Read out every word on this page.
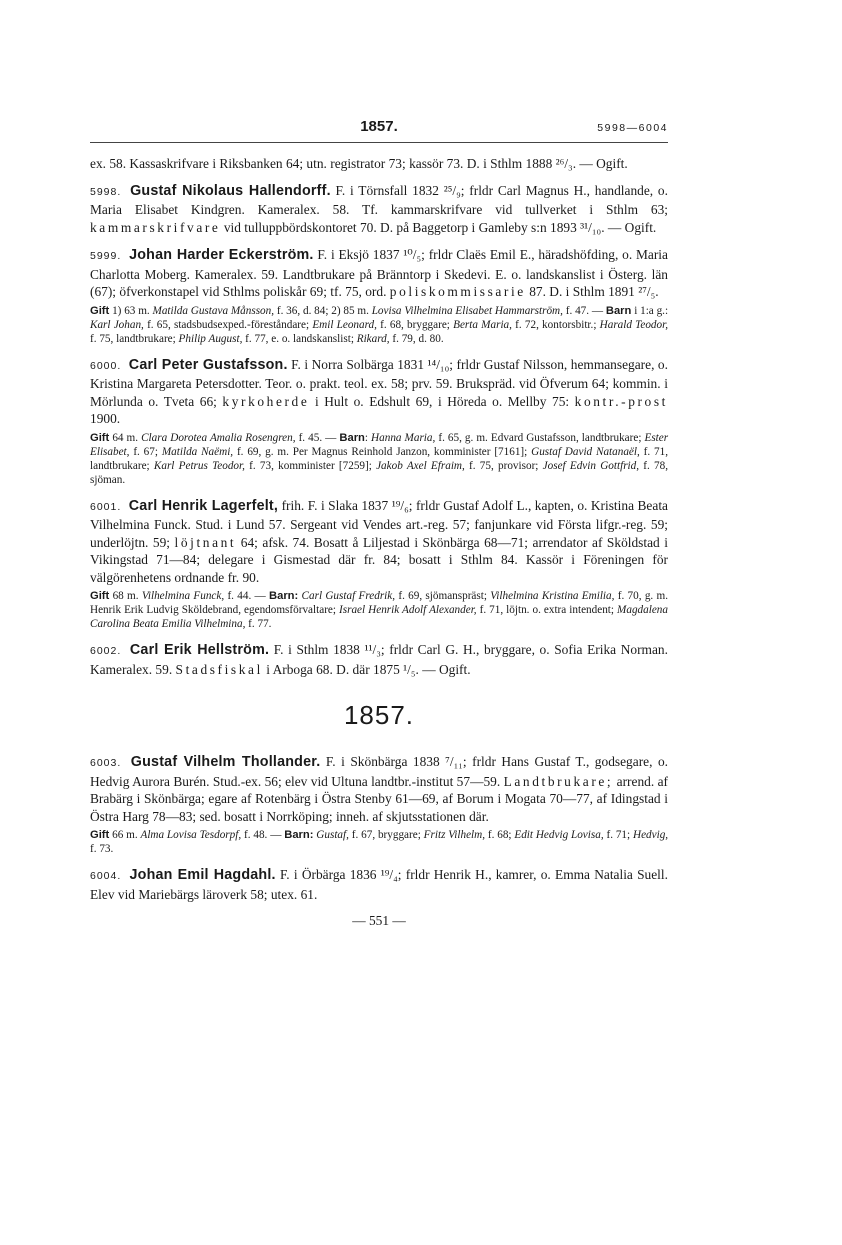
1857.	5998—6004

ex. 58. Kassaskrifvare i Riksbanken 64; utn. registrator 73; kassör 73. D. i Sthlm 1888 ²⁶/₃. — Ogift.

5998. Gustaf Nikolaus Hallendorff. F. i Törnsfall 1832 ²⁵/₉; frldr Carl Magnus H., handlande, o. Maria Elisabet Kindgren. Kameralex. 58. Tf. kammarskrifvare vid tullverket i Sthlm 63; kammarskrifvare vid tulluppbördskontoret 70. D. på Baggetorp i Gamleby s:n 1893 ³¹/₁₀. — Ogift.

5999. Johan Harder Eckerström. F. i Eksjö 1837 ¹⁰/₅; frldr Claës Emil E., häradshöfding, o. Maria Charlotta Moberg. Kameralex. 59. Landtbrukare på Bränntorp i Skedevi. E. o. landskanslist i Österg. län (67); öfverkonstapel vid Sthlms poliskår 69; tf. 75, ord. poliskommissarie 87. D. i Sthlm 1891 ²⁷/₅.

Gift 1) 63 m. Matilda Gustava Månsson, f. 36, d. 84; 2) 85 m. Lovisa Vilhelmina Elisabet Hammarström, f. 47. — Barn i 1:a g.: Karl Johan, f. 65, stadsbudsexped.-föreståndare; Emil Leonard, f. 68, bryggare; Berta Maria, f. 72, kontorsbitr.; Harald Teodor, f. 75, landtbrukare; Philip August, f. 77, e. o. landskanslist; Rikard, f. 79, d. 80.

6000. Carl Peter Gustafsson. F. i Norra Solbärga 1831 ¹⁴/₁₀; frldr Gustaf Nilsson, hemmansegare, o. Kristina Margareta Petersdotter. Teor. o. prakt. teol. ex. 58; prv. 59. Brukspräd. vid Öfverum 64; kommin. i Mörlunda o. Tveta 66; kyrkoherde i Hult o. Edshult 69, i Höreda o. Mellby 75: kontr.-prost 1900.

Gift 64 m. Clara Dorotea Amalia Rosengren, f. 45. — Barn: Hanna Maria, f. 65, g. m. Edvard Gustafsson, landtbrukare; Ester Elisabet, f. 67; Matilda Naëmi, f. 69, g. m. Per Magnus Reinhold Janzon, komminister [7161]; Gustaf David Natanaël, f. 71, landtbrukare; Karl Petrus Teodor, f. 73, komminister [7259]; Jakob Axel Efraim, f. 75, provisor; Josef Edvin Gottfrid, f. 78, sjöman.

6001. Carl Henrik Lagerfelt, frih. F. i Slaka 1837 ¹⁹/₆; frldr Gustaf Adolf L., kapten, o. Kristina Beata Vilhelmina Funck. Stud. i Lund 57. Sergeant vid Vendes art.-reg. 57; fanjunkare vid Första lifgr.-reg. 59; underlöjtn. 59; löjtnant 64; afsk. 74. Bosatt å Liljestad i Skönbärga 68—71; arrendator af Sköldstad i Vikingstad 71—84; delegare i Gismestad där fr. 84; bosatt i Sthlm 84. Kassör i Föreningen för välgörenhetens ordnande fr. 90.

Gift 68 m. Vilhelmina Funck, f. 44. — Barn: Carl Gustaf Fredrik, f. 69, sjömanspräst; Vilhelmina Kristina Emilia, f. 70, g. m. Henrik Erik Ludvig Sköldebrand, egendomsförvaltare; Israel Henrik Adolf Alexander, f. 71, löjtn. o. extra intendent; Magdalena Carolina Beata Emilia Vilhelmina, f. 77.

6002. Carl Erik Hellström. F. i Sthlm 1838 ¹¹/₃; frldr Carl G. H., bryggare, o. Sofia Erika Norman. Kameralex. 59. Stadsfiskal i Arboga 68. D. där 1875 ¹/₅. — Ogift.

1857.

6003. Gustaf Vilhelm Thollander. F. i Skönbärga 1838 ⁷/₁₁; frldr Hans Gustaf T., godsegare, o. Hedvig Aurora Burén. Stud.-ex. 56; elev vid Ultuna landtbr.-institut 57—59. Landtbrukare; arrend. af Brabärg i Skönbärga; egare af Rotenbärg i Östra Stenby 61—69, af Borum i Mogata 70—77, af Idingstad i Östra Harg 78—83; sed. bosatt i Norrköping; inneh. af skjutsstationen där.

Gift 66 m. Alma Lovisa Tesdorpf, f. 48. — Barn: Gustaf, f. 67, bryggare; Fritz Vilhelm, f. 68; Edit Hedvig Lovisa, f. 71; Hedvig, f. 73.

6004. Johan Emil Hagdahl. F. i Örbärga 1836 ¹⁹/₄; frldr Henrik H., kamrer, o. Emma Natalia Suell. Elev vid Mariebärgs läroverk 58; utex. 61.

— 551 —
